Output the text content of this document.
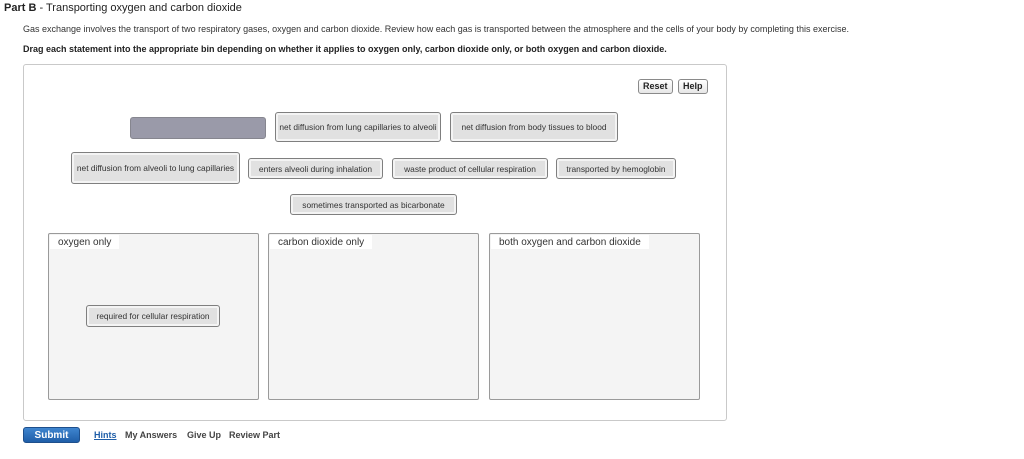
Part B - Transporting oxygen and carbon dioxide
Gas exchange involves the transport of two respiratory gases, oxygen and carbon dioxide. Review how each gas is transported between the atmosphere and the cells of your body by completing this exercise.
Drag each statement into the appropriate bin depending on whether it applies to oxygen only, carbon dioxide only, or both oxygen and carbon dioxide.
Reset	Help
net diffusion from lung capillaries to alveoli	net diffusion from body tissues to blood
net diffusion from alveoli to lung capillaries	enters alveoli during inhalation	waste product of cellular respiration	transported by hemoglobin
sometimes transported as bicarbonate
oxygen only	carbon dioxide only	both oxygen and carbon dioxide
required for cellular respiration
Submit	Hints My Answers Give Up Review Part
